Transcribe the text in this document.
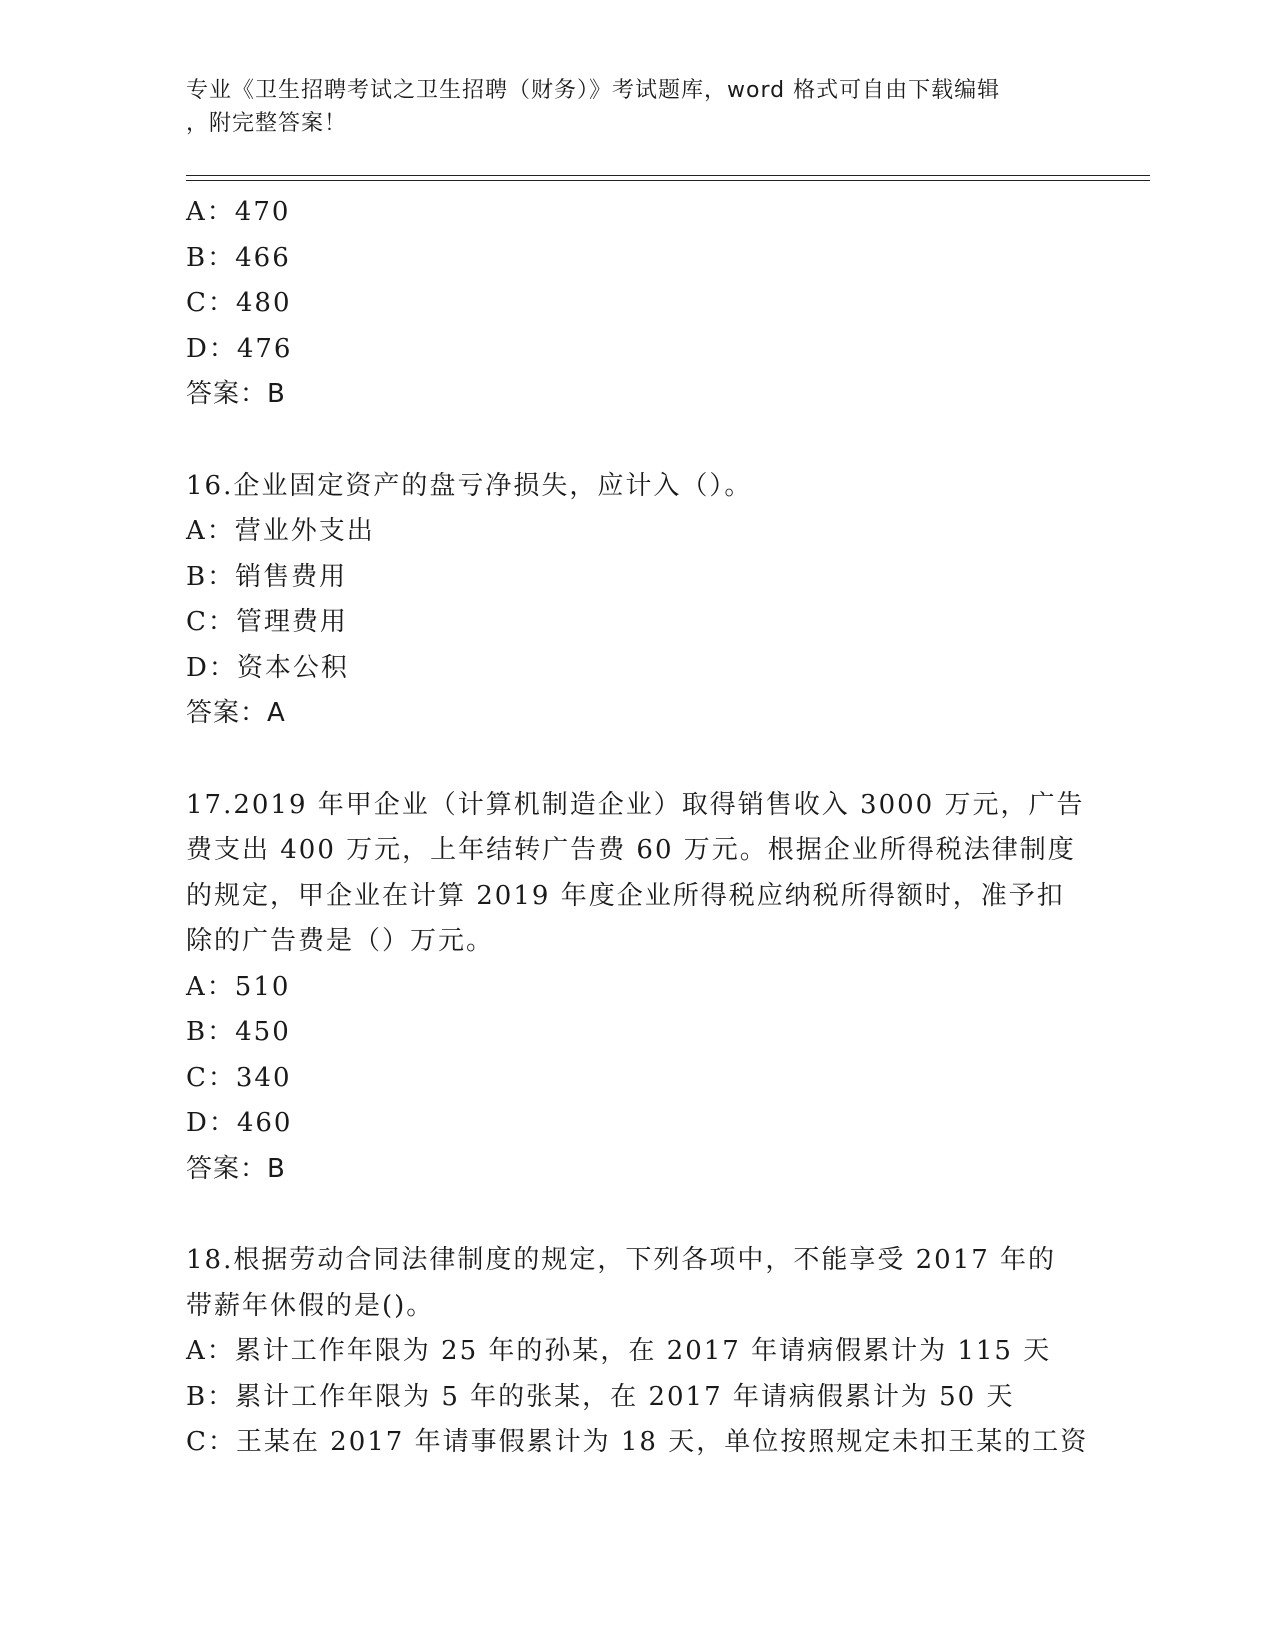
专业《卫生招聘考试之卫生招聘（财务）》考试题库，word 格式可自由下载编辑
，附完整答案！
A：470
B：466
C：480
D：476
答案：B
16.企业固定资产的盘亏净损失，应计入（）。
A：营业外支出
B：销售费用
C：管理费用
D：资本公积
答案：A
17.2019 年甲企业（计算机制造企业）取得销售收入 3000 万元，广告
费支出 400 万元，上年结转广告费 60 万元。根据企业所得税法律制度
的规定，甲企业在计算 2019 年度企业所得税应纳税所得额时，准予扣
除的广告费是（）万元。
A：510
B：450
C：340
D：460
答案：B
18.根据劳动合同法律制度的规定，下列各项中，不能享受 2017 年的
带薪年休假的是()。
A：累计工作年限为 25 年的孙某，在 2017 年请病假累计为 115 天
B：累计工作年限为 5 年的张某，在 2017 年请病假累计为 50 天
C：王某在 2017 年请事假累计为 18 天，单位按照规定未扣王某的工资
